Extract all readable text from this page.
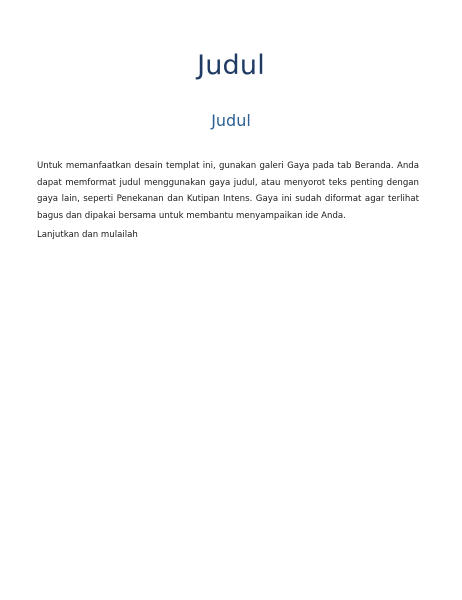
Judul
Judul

Untuk memanfaatkan desain templat ini, gunakan galeri Gaya pada tab Beranda. Anda dapat memformat judul menggunakan gaya judul, atau menyorot teks penting dengan gaya lain, seperti Penekanan dan Kutipan Intens. Gaya ini sudah diformat agar terlihat bagus dan dipakai bersama untuk membantu menyampaikan ide Anda.

Lanjutkan dan mulailah
